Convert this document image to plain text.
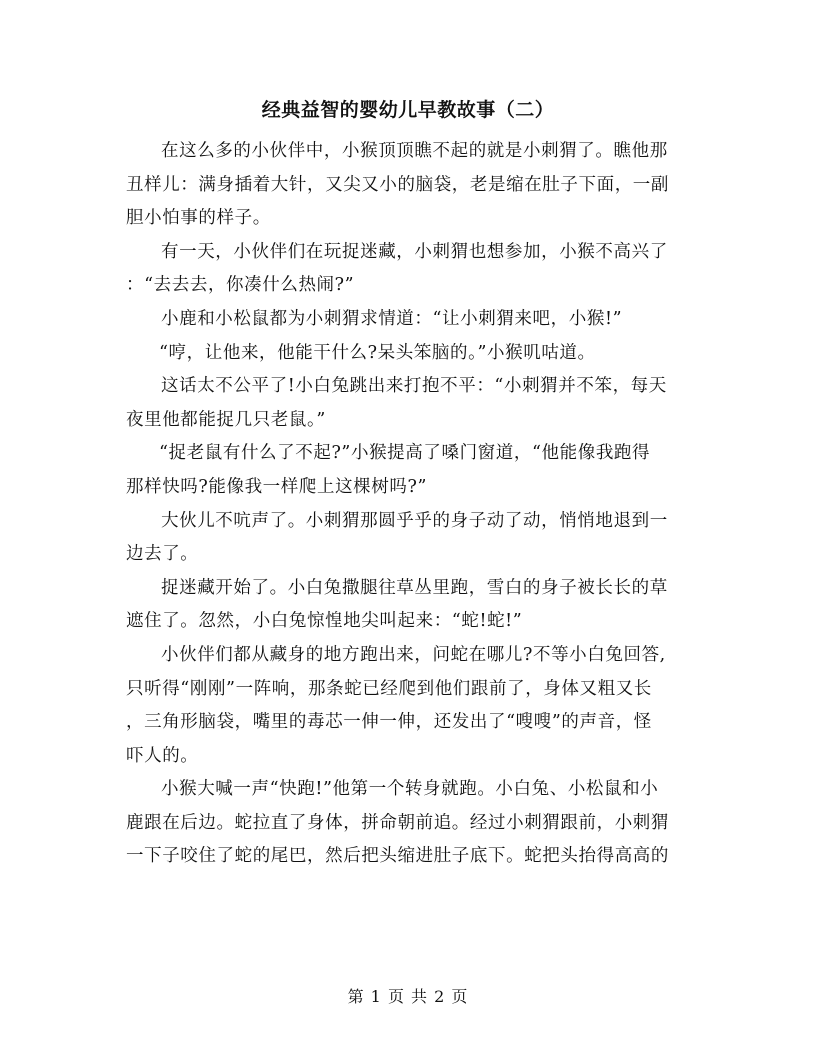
经典益智的婴幼儿早教故事（二）
在这么多的小伙伴中，小猴顶顶瞧不起的就是小刺猬了。瞧他那
丑样儿：满身插着大针，又尖又小的脑袋，老是缩在肚子下面，一副
胆小怕事的样子。
有一天，小伙伴们在玩捉迷藏，小刺猬也想参加，小猴不高兴了
：“去去去，你凑什么热闹?”
小鹿和小松鼠都为小刺猬求情道：“让小刺猬来吧，小猴!”
“哼，让他来，他能干什么?呆头笨脑的。”小猴叽咕道。
这话太不公平了!小白兔跳出来打抱不平：“小刺猬并不笨，每天
夜里他都能捉几只老鼠。”
“捉老鼠有什么了不起?”小猴提高了嗓门窗道，“他能像我跑得
那样快吗?能像我一样爬上这棵树吗?”
大伙儿不吭声了。小刺猬那圆乎乎的身子动了动，悄悄地退到一
边去了。
捉迷藏开始了。小白兔撒腿往草丛里跑，雪白的身子被长长的草
遮住了。忽然，小白兔惊惶地尖叫起来：“蛇!蛇!”
小伙伴们都从藏身的地方跑出来，问蛇在哪儿?不等小白兔回答,
只听得“刚刚”一阵响，那条蛇已经爬到他们跟前了，身体又粗又长
，三角形脑袋，嘴里的毒芯一伸一伸，还发出了“嗖嗖”的声音，怪
吓人的。
小猴大喊一声“快跑!”他第一个转身就跑。小白兔、小松鼠和小
鹿跟在后边。蛇拉直了身体，拼命朝前追。经过小刺猬跟前，小刺猬
一下子咬住了蛇的尾巴，然后把头缩进肚子底下。蛇把头抬得高高的
第 1 页 共 2 页
